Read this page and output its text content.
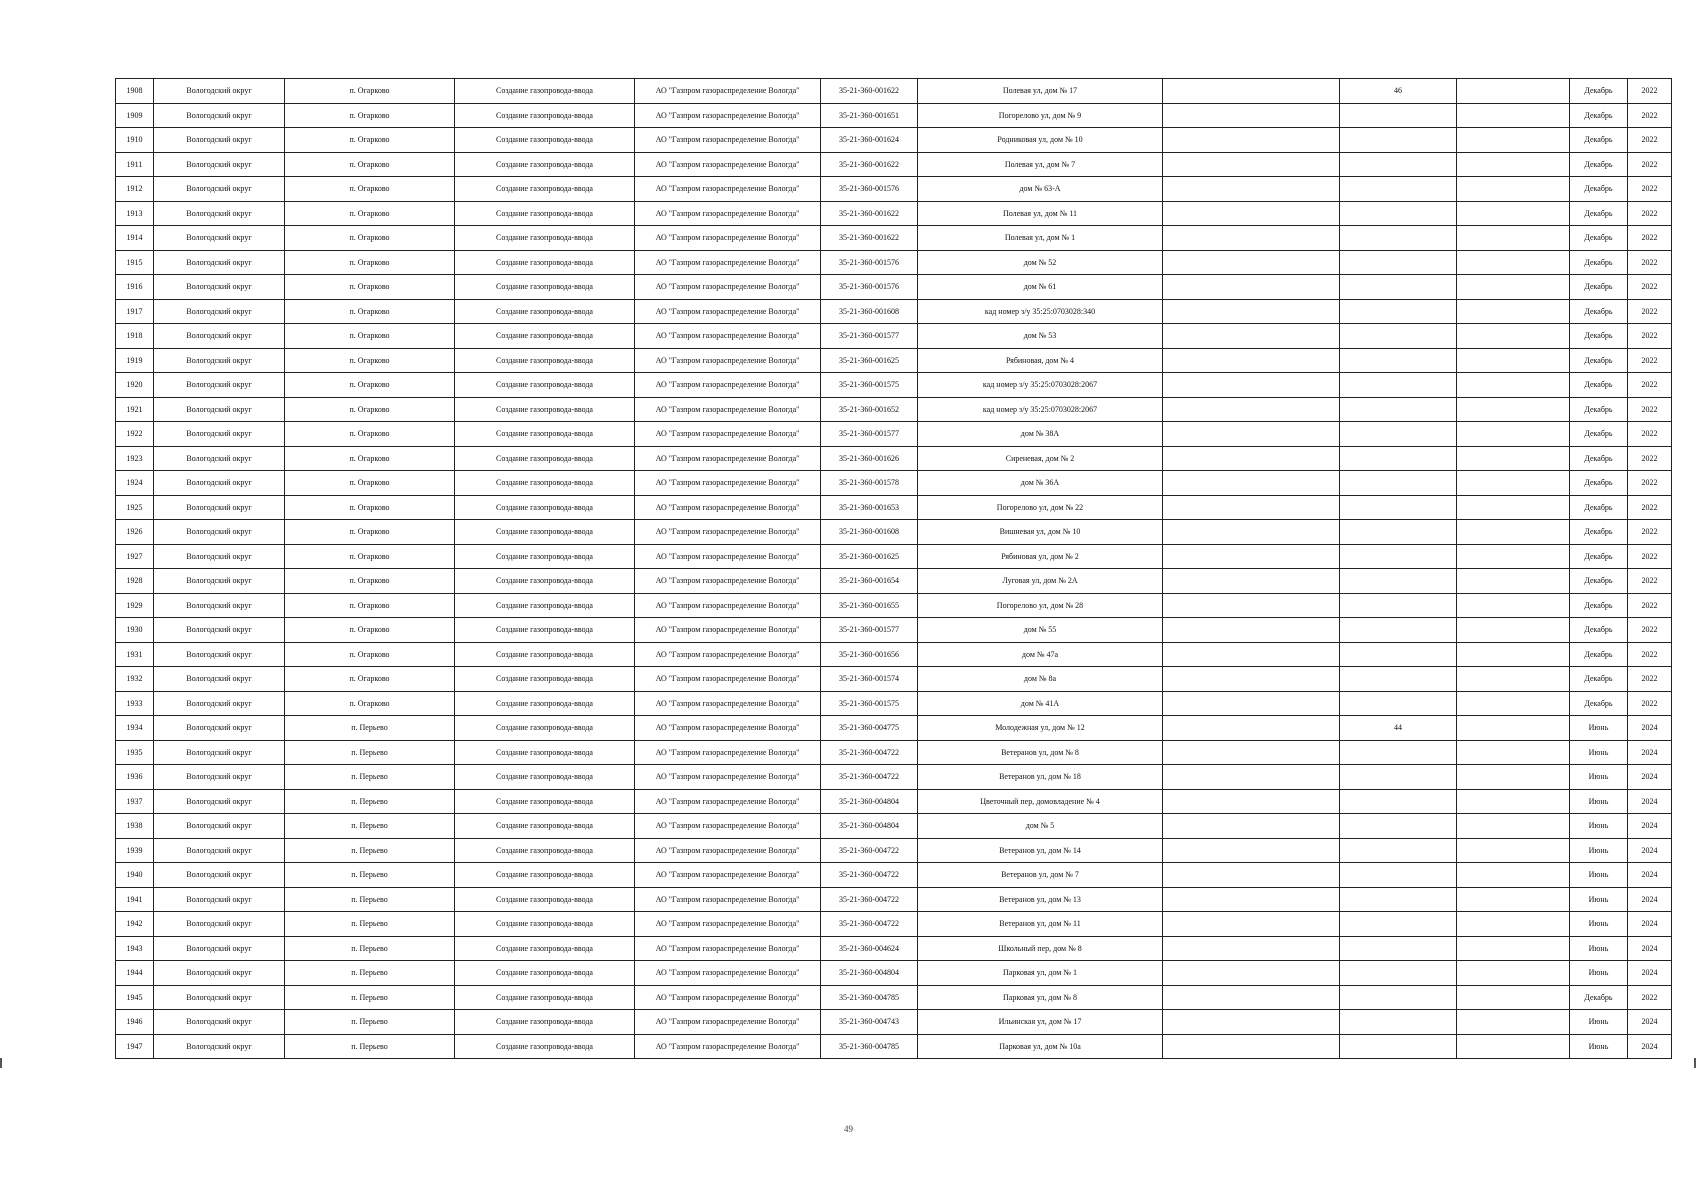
1908	Вологодский округ	п. Огарково	Создание газопровода-ввода	АО "Газпром газораспределение Вологда"	35-21-360-001622	Полевая ул, дом № 17		46		Декабрь	2022
1909	Вологодский округ	п. Огарково	Создание газопровода-ввода	АО "Газпром газораспределение Вологда"	35-21-360-001651	Погорелово ул, дом № 9				Декабрь	2022
1910	Вологодский округ	п. Огарково	Создание газопровода-ввода	АО "Газпром газораспределение Вологда"	35-21-360-001624	Родниковая ул, дом № 10				Декабрь	2022
1911	Вологодский округ	п. Огарково	Создание газопровода-ввода	АО "Газпром газораспределение Вологда"	35-21-360-001622	Полевая ул, дом № 7				Декабрь	2022
1912	Вологодский округ	п. Огарково	Создание газопровода-ввода	АО "Газпром газораспределение Вологда"	35-21-360-001576	дом № 63-А				Декабрь	2022
1913	Вологодский округ	п. Огарково	Создание газопровода-ввода	АО "Газпром газораспределение Вологда"	35-21-360-001622	Полевая ул, дом № 11				Декабрь	2022
1914	Вологодский округ	п. Огарково	Создание газопровода-ввода	АО "Газпром газораспределение Вологда"	35-21-360-001622	Полевая ул, дом № 1				Декабрь	2022
1915	Вологодский округ	п. Огарково	Создание газопровода-ввода	АО "Газпром газораспределение Вологда"	35-21-360-001576	дом № 52				Декабрь	2022
1916	Вологодский округ	п. Огарково	Создание газопровода-ввода	АО "Газпром газораспределение Вологда"	35-21-360-001576	дом № 61				Декабрь	2022
1917	Вологодский округ	п. Огарково	Создание газопровода-ввода	АО "Газпром газораспределение Вологда"	35-21-360-001608	кад номер з/у 35:25:0703028:340				Декабрь	2022
1918	Вологодский округ	п. Огарково	Создание газопровода-ввода	АО "Газпром газораспределение Вологда"	35-21-360-001577	дом № 53				Декабрь	2022
1919	Вологодский округ	п. Огарково	Создание газопровода-ввода	АО "Газпром газораспределение Вологда"	35-21-360-001625	Рябиновая, дом № 4				Декабрь	2022
1920	Вологодский округ	п. Огарково	Создание газопровода-ввода	АО "Газпром газораспределение Вологда"	35-21-360-001575	кад номер з/у 35:25:0703028:2067				Декабрь	2022
1921	Вологодский округ	п. Огарково	Создание газопровода-ввода	АО "Газпром газораспределение Вологда"	35-21-360-001652	кад номер з/у 35:25:0703028:2067				Декабрь	2022
1922	Вологодский округ	п. Огарково	Создание газопровода-ввода	АО "Газпром газораспределение Вологда"	35-21-360-001577	дом № 38А				Декабрь	2022
1923	Вологодский округ	п. Огарково	Создание газопровода-ввода	АО "Газпром газораспределение Вологда"	35-21-360-001626	Сиреневая, дом № 2				Декабрь	2022
1924	Вологодский округ	п. Огарково	Создание газопровода-ввода	АО "Газпром газораспределение Вологда"	35-21-360-001578	дом № 36А				Декабрь	2022
1925	Вологодский округ	п. Огарково	Создание газопровода-ввода	АО "Газпром газораспределение Вологда"	35-21-360-001653	Погорелово ул, дом № 22				Декабрь	2022
1926	Вологодский округ	п. Огарково	Создание газопровода-ввода	АО "Газпром газораспределение Вологда"	35-21-360-001608	Вишневая ул, дом № 10				Декабрь	2022
1927	Вологодский округ	п. Огарково	Создание газопровода-ввода	АО "Газпром газораспределение Вологда"	35-21-360-001625	Рябиновая ул, дом № 2				Декабрь	2022
1928	Вологодский округ	п. Огарково	Создание газопровода-ввода	АО "Газпром газораспределение Вологда"	35-21-360-001654	Луговая ул, дом № 2А				Декабрь	2022
1929	Вологодский округ	п. Огарково	Создание газопровода-ввода	АО "Газпром газораспределение Вологда"	35-21-360-001655	Погорелово ул, дом № 28				Декабрь	2022
1930	Вологодский округ	п. Огарково	Создание газопровода-ввода	АО "Газпром газораспределение Вологда"	35-21-360-001577	дом № 55				Декабрь	2022
1931	Вологодский округ	п. Огарково	Создание газопровода-ввода	АО "Газпром газораспределение Вологда"	35-21-360-001656	дом № 47а				Декабрь	2022
1932	Вологодский округ	п. Огарково	Создание газопровода-ввода	АО "Газпром газораспределение Вологда"	35-21-360-001574	дом № 8а				Декабрь	2022
1933	Вологодский округ	п. Огарково	Создание газопровода-ввода	АО "Газпром газораспределение Вологда"	35-21-360-001575	дом № 41А				Декабрь	2022
1934	Вологодский округ	п. Перьево	Создание газопровода-ввода	АО "Газпром газораспределение Вологда"	35-21-360-004775	Молодежная ул, дом № 12		44		Июнь	2024
1935	Вологодский округ	п. Перьево	Создание газопровода-ввода	АО "Газпром газораспределение Вологда"	35-21-360-004722	Ветеранов ул, дом № 8				Июнь	2024
1936	Вологодский округ	п. Перьево	Создание газопровода-ввода	АО "Газпром газораспределение Вологда"	35-21-360-004722	Ветеранов ул, дом № 18				Июнь	2024
1937	Вологодский округ	п. Перьево	Создание газопровода-ввода	АО "Газпром газораспределение Вологда"	35-21-360-004804	Цветочный пер, домовладение № 4				Июнь	2024
1938	Вологодский округ	п. Перьево	Создание газопровода-ввода	АО "Газпром газораспределение Вологда"	35-21-360-004804	дом № 5				Июнь	2024
1939	Вологодский округ	п. Перьево	Создание газопровода-ввода	АО "Газпром газораспределение Вологда"	35-21-360-004722	Ветеранов ул, дом № 14				Июнь	2024
1940	Вологодский округ	п. Перьево	Создание газопровода-ввода	АО "Газпром газораспределение Вологда"	35-21-360-004722	Ветеранов ул, дом № 7				Июнь	2024
1941	Вологодский округ	п. Перьево	Создание газопровода-ввода	АО "Газпром газораспределение Вологда"	35-21-360-004722	Ветеранов ул, дом № 13				Июнь	2024
1942	Вологодский округ	п. Перьево	Создание газопровода-ввода	АО "Газпром газораспределение Вологда"	35-21-360-004722	Ветеранов ул, дом № 11				Июнь	2024
1943	Вологодский округ	п. Перьево	Создание газопровода-ввода	АО "Газпром газораспределение Вологда"	35-21-360-004624	Школьный пер, дом № 8				Июнь	2024
1944	Вологодский округ	п. Перьево	Создание газопровода-ввода	АО "Газпром газораспределение Вологда"	35-21-360-004804	Парковая ул, дом № 1				Июнь	2024
1945	Вологодский округ	п. Перьево	Создание газопровода-ввода	АО "Газпром газораспределение Вологда"	35-21-360-004785	Парковая ул, дом № 8				Декабрь	2022
1946	Вологодский округ	п. Перьево	Создание газопровода-ввода	АО "Газпром газораспределение Вологда"	35-21-360-004743	Ильинская ул, дом № 17				Июнь	2024
1947	Вологодский округ	п. Перьево	Создание газопровода-ввода	АО "Газпром газораспределение Вологда"	35-21-360-004785	Парковая ул, дом № 10а				Июнь	2024
49
